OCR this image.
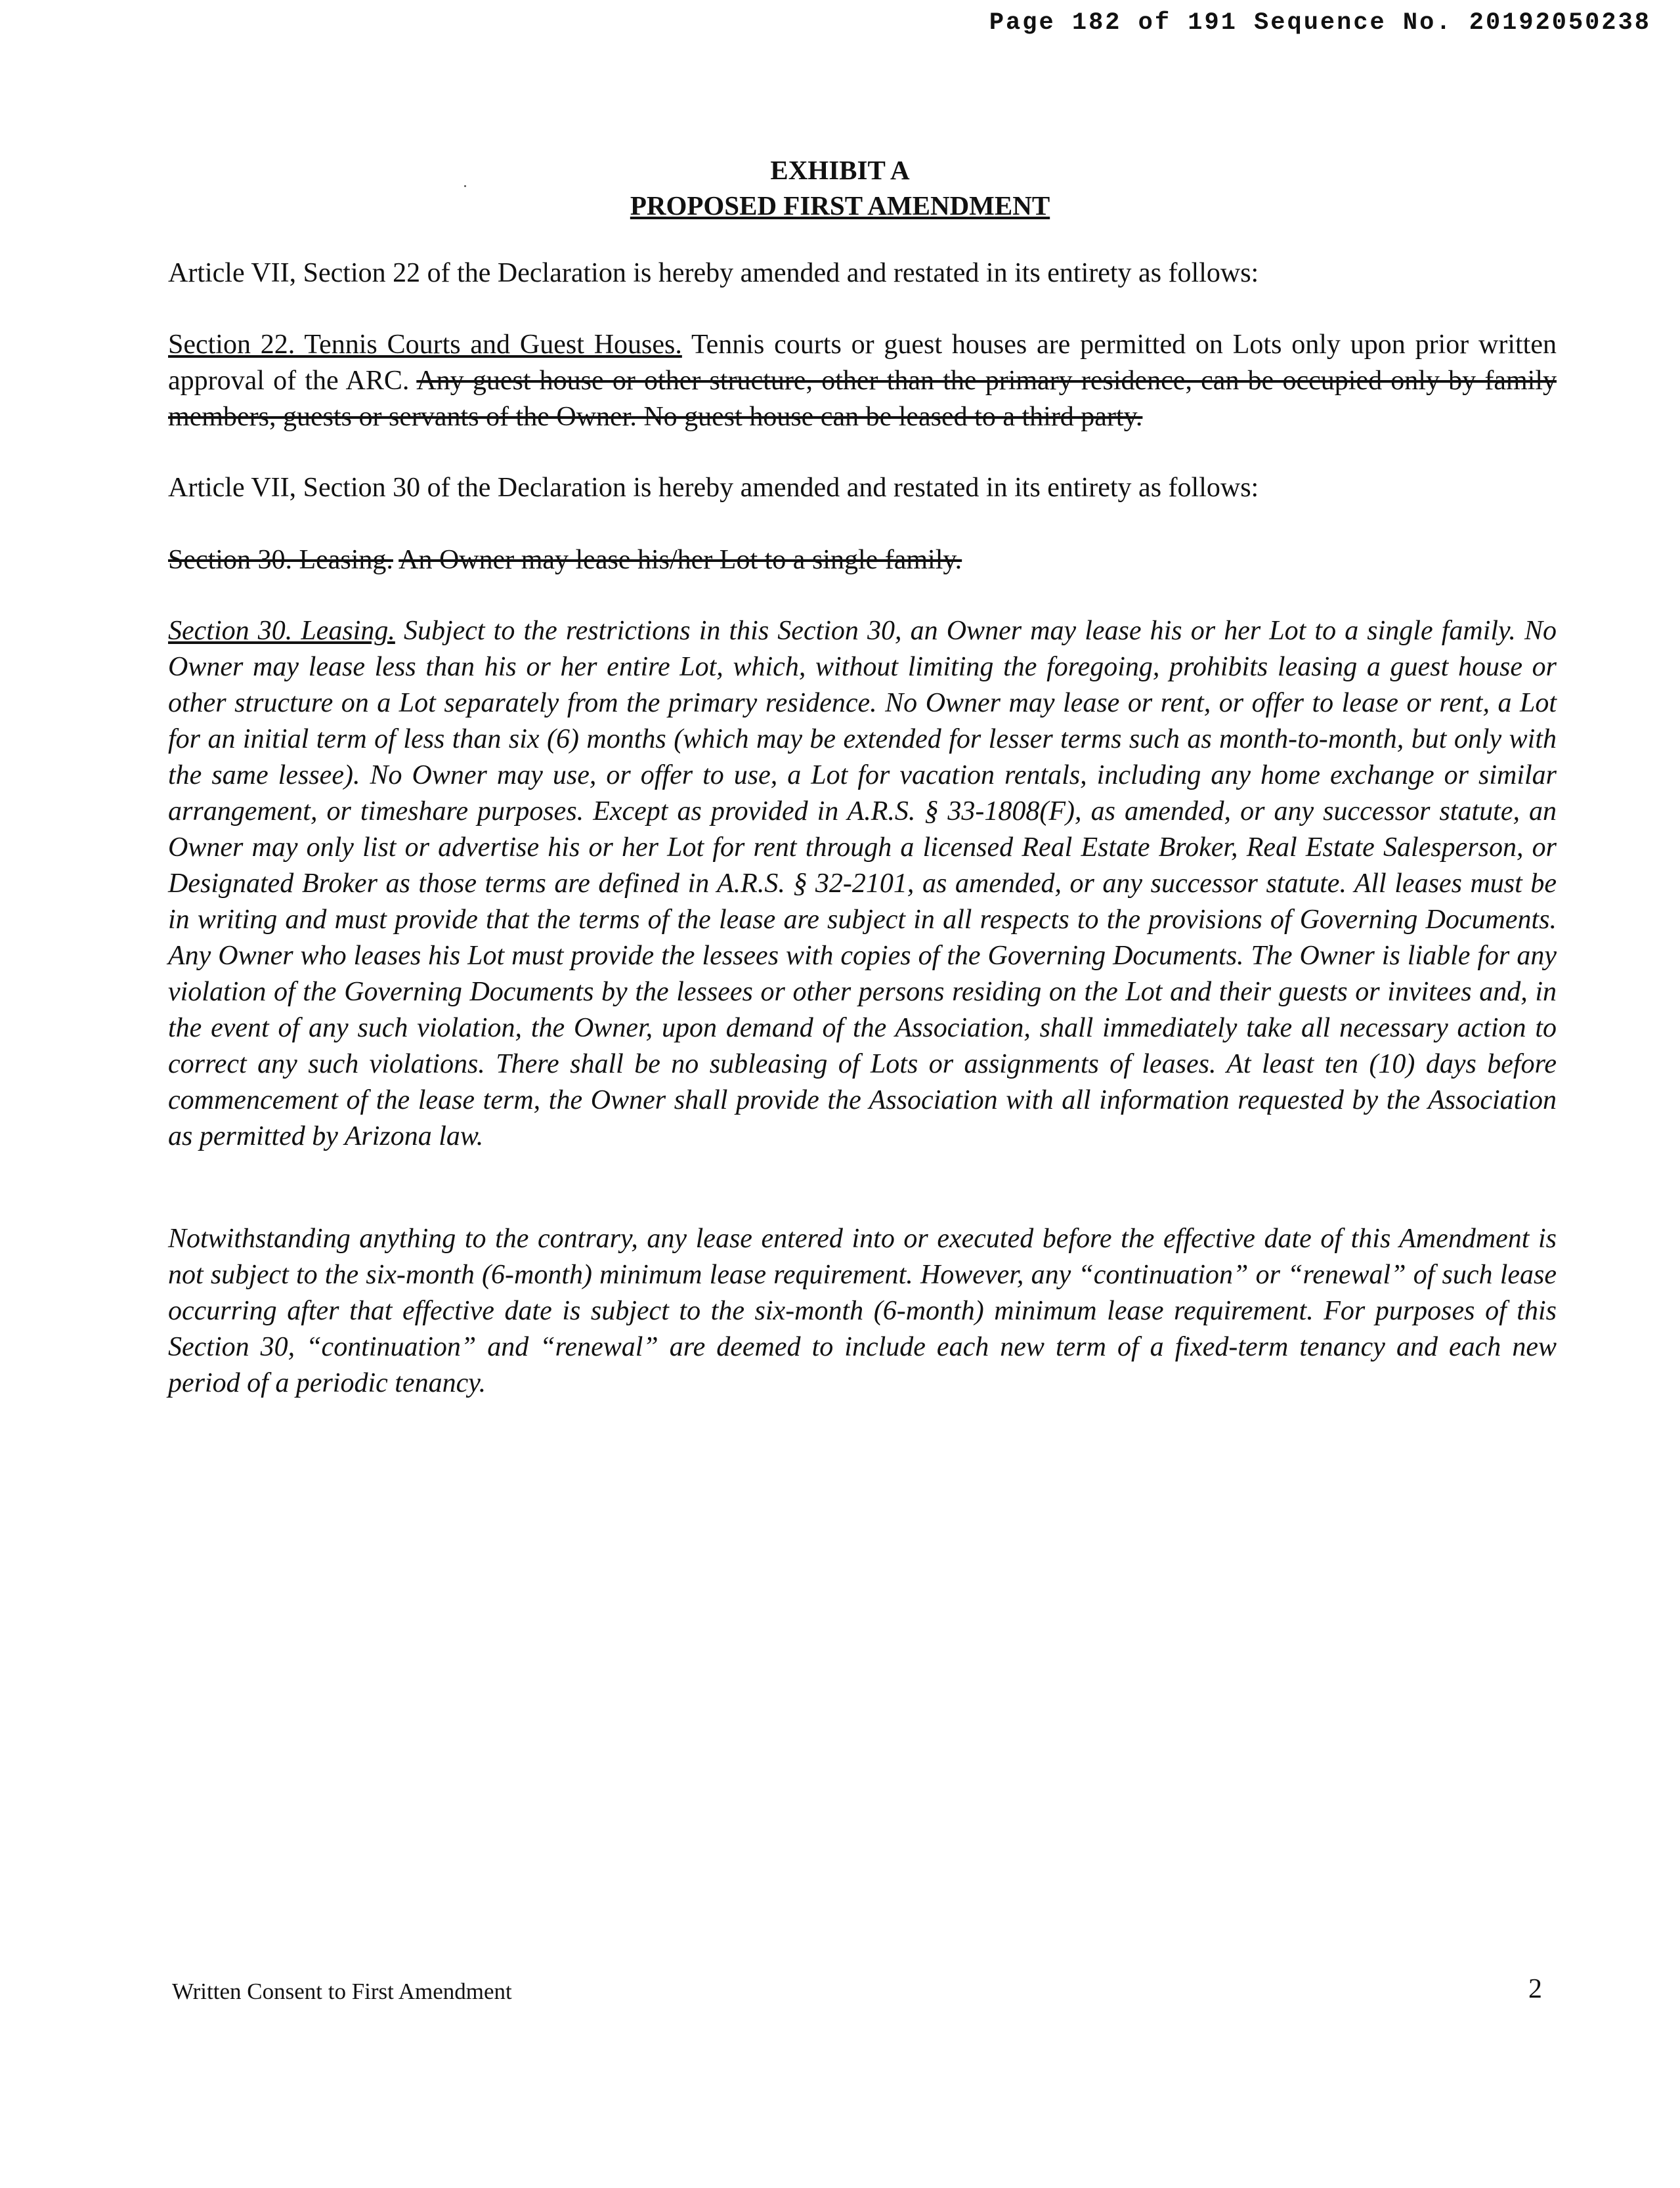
Page 182 of 191 Sequence No. 20192050238
EXHIBIT A
PROPOSED FIRST AMENDMENT
Article VII, Section 22 of the Declaration is hereby amended and restated in its entirety as follows:
Section 22. Tennis Courts and Guest Houses. Tennis courts or guest houses are permitted on Lots only upon prior written approval of the ARC. Any guest house or other structure, other than the primary residence, can be occupied only by family members, guests or servants of the Owner. No guest house can be leased to a third party.
Article VII, Section 30 of the Declaration is hereby amended and restated in its entirety as follows:
Section 30. Leasing. An Owner may lease his/her Lot to a single family.
Section 30. Leasing. Subject to the restrictions in this Section 30, an Owner may lease his or her Lot to a single family. No Owner may lease less than his or her entire Lot, which, without limiting the foregoing, prohibits leasing a guest house or other structure on a Lot separately from the primary residence. No Owner may lease or rent, or offer to lease or rent, a Lot for an initial term of less than six (6) months (which may be extended for lesser terms such as month-to-month, but only with the same lessee). No Owner may use, or offer to use, a Lot for vacation rentals, including any home exchange or similar arrangement, or timeshare purposes. Except as provided in A.R.S. § 33-1808(F), as amended, or any successor statute, an Owner may only list or advertise his or her Lot for rent through a licensed Real Estate Broker, Real Estate Salesperson, or Designated Broker as those terms are defined in A.R.S. § 32-2101, as amended, or any successor statute. All leases must be in writing and must provide that the terms of the lease are subject in all respects to the provisions of Governing Documents. Any Owner who leases his Lot must provide the lessees with copies of the Governing Documents. The Owner is liable for any violation of the Governing Documents by the lessees or other persons residing on the Lot and their guests or invitees and, in the event of any such violation, the Owner, upon demand of the Association, shall immediately take all necessary action to correct any such violations. There shall be no subleasing of Lots or assignments of leases. At least ten (10) days before commencement of the lease term, the Owner shall provide the Association with all information requested by the Association as permitted by Arizona law.
Notwithstanding anything to the contrary, any lease entered into or executed before the effective date of this Amendment is not subject to the six-month (6-month) minimum lease requirement. However, any “continuation” or “renewal” of such lease occurring after that effective date is subject to the six-month (6-month) minimum lease requirement. For purposes of this Section 30, “continuation” and “renewal” are deemed to include each new term of a fixed-term tenancy and each new period of a periodic tenancy.
Written Consent to First Amendment	2
